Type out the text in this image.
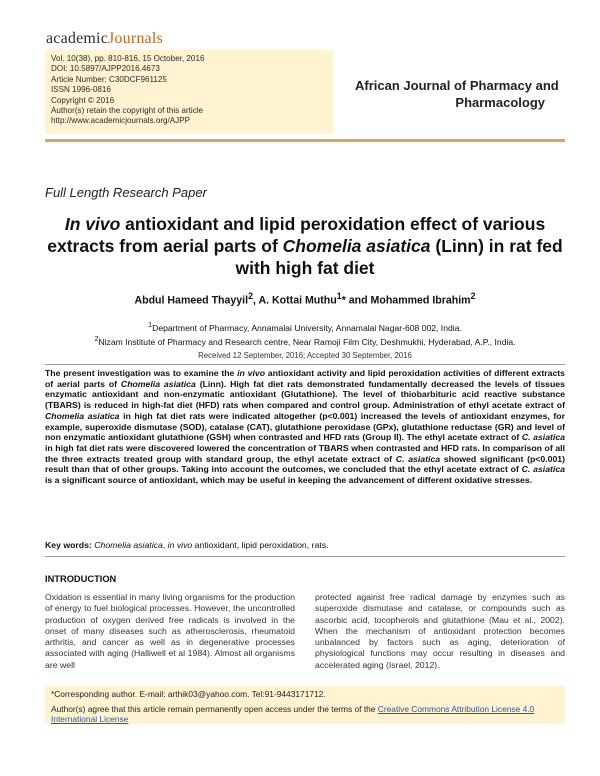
academicJournals
Vol. 10(38), pp. 810-816, 15 October, 2016
DOI: 10.5897/AJPP2016.4673
Article Number: C30DCF961125
ISSN 1996-0816
Copyright © 2016
Author(s) retain the copyright of this article
http://www.academicjournals.org/AJPP
African Journal of Pharmacy and
Pharmacology
Full Length Research Paper
In vivo antioxidant and lipid peroxidation effect of various extracts from aerial parts of Chomelia asiatica (Linn) in rat fed with high fat diet
Abdul Hameed Thayyil$^2$, A. Kottai Muthu$^1$* and Mohammed Ibrahim$^2$
$^1$Department of Pharmacy, Annamalai University, Annamalai Nagar-608 002, India.
$^2$Nizam Institute of Pharmacy and Research centre, Near Ramoji Film City, Deshmukhi, Hyderabad, A.P., India.
Received 12 September, 2016; Accepted 30 September, 2016

The present investigation was to examine the in vivo antioxidant activity and lipid peroxidation activities of different extracts of aerial parts of Chomelia asiatica (Linn). High fat diet rats demonstrated fundamentally decreased the levels of tissues enzymatic antioxidant and non-enzymatic antioxidant (Glutathione). The level of thiobarbituric acid reactive substance (TBARS) is reduced in high-fat diet (HFD) rats when compared and control group. Administration of ethyl acetate extract of Chomelia asiatica in high fat diet rats were indicated altogether (p<0.001) increased the levels of antioxidant enzymes, for example, superoxide dismutase (SOD), catalase (CAT), glutathione peroxidase (GPx), glutathione reductase (GR) and level of non enzymatic antioxidant glutathione (GSH) when contrasted and HFD rats (Group II). The ethyl acetate extract of C. asiatica in high fat diet rats were discovered lowered the concentration of TBARS when contrasted and HFD rats. In comparison of all the three extracts treated group with standard group, the ethyl acetate extract of C. asiatica showed significant (p<0.001) result than that of other groups. Taking into account the outcomes, we concluded that the ethyl acetate extract of C. asiatica is a significant source of antioxidant, which may be useful in keeping the advancement of different oxidative stresses.

Key words: Chomelia asiatica, in vivo antioxidant, lipid peroxidation, rats.
INTRODUCTION

Oxidation is essential in many living organisms for the production of energy to fuel biological processes. However, the uncontrolled production of oxygen derived free radicals is involved in the onset of many diseases such as atherosclerosis, rheumatoid arthritis, and cancer as well as in degenerative processes associated with aging (Halliwell et al 1984). Almost all organisms are well

protected against free radical damage by enzymes such as superoxide dismutase and catalase, or compounds such as ascorbic acid, tocopherols and glutathione (Mau et al., 2002). When the mechanism of antioxidant protection becomes unbalanced by factors such as aging, deterioration of physiological functions may occur resulting in diseases and accelerated aging (Israel, 2012).

*Corresponding author. E-mail: arthik03@yahoo.com. Tel:91-9443171712.

Author(s) agree that this article remain permanently open access under the terms of the Creative Commons Attribution License 4.0 International License
